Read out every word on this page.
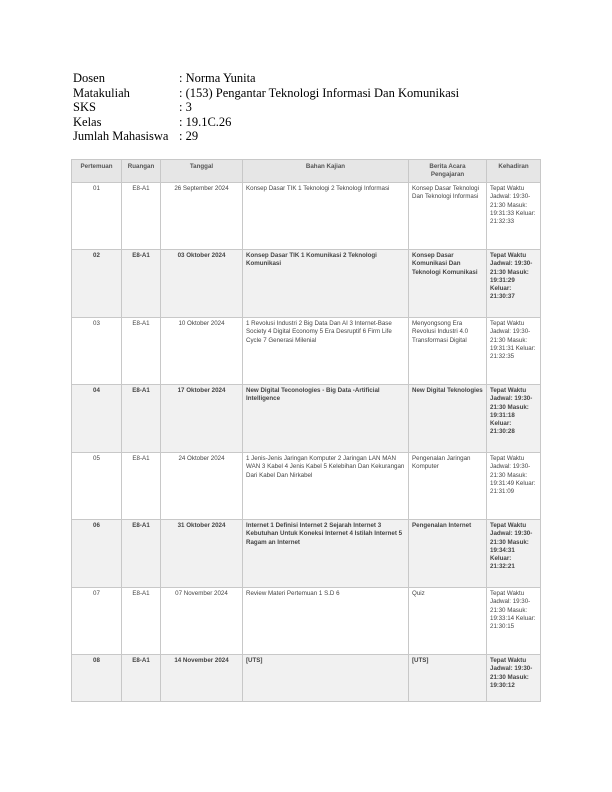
Dosen	: Norma Yunita
Matakuliah	: (153) Pengantar Teknologi Informasi Dan Komunikasi
SKS	: 3
Kelas	: 19.1C.26
Jumlah Mahasiswa : 29
Pertemuan	Ruangan	Tanggal	Bahan Kajian	Berita Acara Pengajaran	Kehadiran
01	E8-A1	26 September 2024	Konsep Dasar TIK 1 Teknologi 2 Teknologi Informasi	Konsep Dasar Teknologi Dan Teknologi Informasi	Tepat Waktu Jadwal: 19:30-21:30 Masuk: 19:31:33 Keluar: 21:32:33
02	E8-A1	03 Oktober 2024	Konsep Dasar TIK 1 Komunikasi 2 Teknologi Komunikasi	Konsep Dasar Komunikasi Dan Teknologi Komunikasi	Tepat Waktu Jadwal: 19:30-21:30 Masuk: 19:31:29 Keluar: 21:30:37
03	E8-A1	10 Oktober 2024	1 Revolusi Industri 2 Big Data Dan AI 3 Internet-Base Society 4 Digital Economy 5 Era Desruptif 6 Firm Life Cycle 7 Generasi Milenial	Menyongsong Era Revolusi Industri 4.0 Transformasi Digital	Tepat Waktu Jadwal: 19:30-21:30 Masuk: 19:31:31 Keluar: 21:32:35
04	E8-A1	17 Oktober 2024	New Digital Teconologies - Big Data -Artificial Intelligence	New Digital Teknologies	Tepat Waktu Jadwal: 19:30-21:30 Masuk: 19:31:18 Keluar: 21:30:28
05	E8-A1	24 Oktober 2024	1 Jenis-Jenis Jaringan Komputer 2 Jaringan LAN MAN WAN 3 Kabel 4 Jenis Kabel 5 Kelebihan Dan Kekurangan Dari Kabel Dan Nirkabel	Pengenalan Jaringan Komputer	Tepat Waktu Jadwal: 19:30-21:30 Masuk: 19:31:49 Keluar: 21:31:09
06	E8-A1	31 Oktober 2024	Internet 1 Definisi Internet 2 Sejarah Internet 3 Kebutuhan Untuk Koneksi Internet 4 Istilah Internet 5 Ragam an Internet	Pengenalan Internet	Tepat Waktu Jadwal: 19:30-21:30 Masuk: 19:34:31 Keluar: 21:32:21
07	E8-A1	07 November 2024	Review Materi Pertemuan 1 S.D 6	Quiz	Tepat Waktu Jadwal: 19:30-21:30 Masuk: 19:33:14 Keluar: 21:30:15
08	E8-A1	14 November 2024	[UTS]	[UTS]	Tepat Waktu Jadwal: 19:30-21:30 Masuk: 19:30:12
